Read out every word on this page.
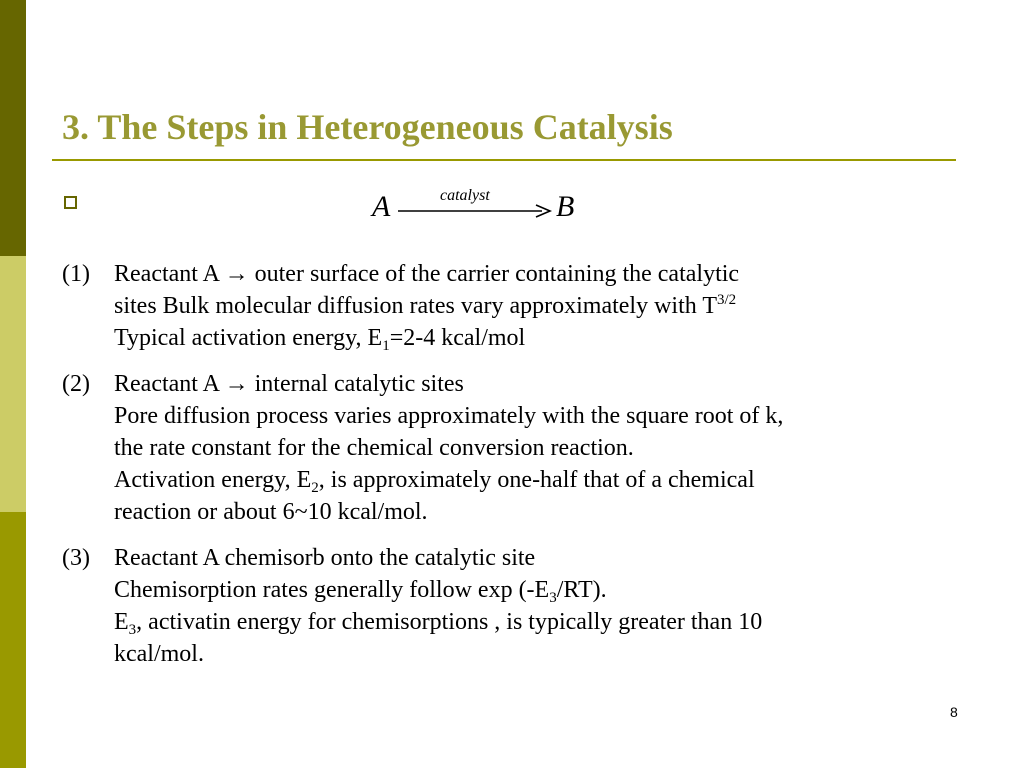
3. The Steps in Heterogeneous Catalysis
A	catalyst B
(1)	Reactant A → outer surface of the carrier containing the catalytic
sites Bulk molecular diffusion rates vary approximately with $T^{3/2}$
Typical activation energy, $E_1=2-4$ kcal/mol
(2)	Reactant A → internal catalytic sites
Pore diffusion process varies approximately with the square root of k,
the rate constant for the chemical conversion reaction.
Activation energy, $E_2$, is approximately one-half that of a chemical
reaction or about 6~10 kcal/mol.
(3)	Reactant A chemisorb onto the catalytic site
Chemisorption rates generally follow $\exp (-E_3/RT)$.
$E_3$, activatin energy for chemisorptions , is typically greater than 10
kcal/mol.
8
